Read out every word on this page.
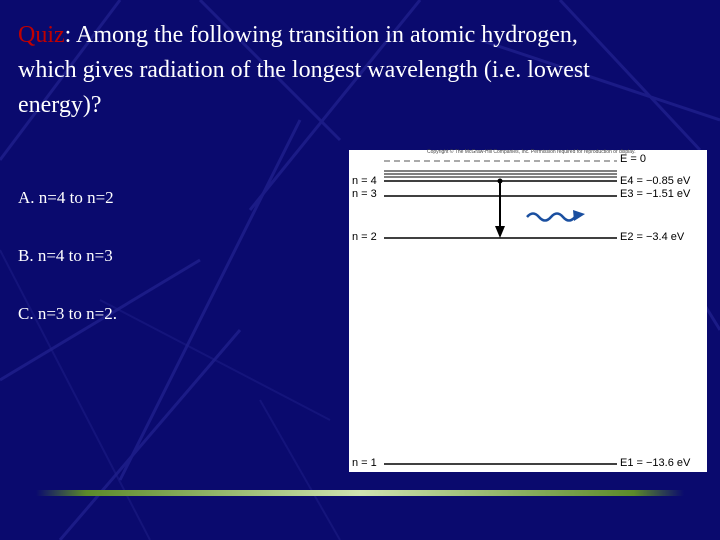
Quiz: Among the following transition in atomic hydrogen, which gives radiation of the longest wavelength (i.e. lowest energy)?
A. n=4 to n=2
B. n=4 to n=3
C. n=3 to n=2.
Copyright © The McGraw-Hill Companies, Inc. Permission required for reproduction or display.
E = 0
n = 4	E4 = −0.85 eV
n = 3	E3 = −1.51 eV
n = 2	E2 = −3.4 eV
n = 1	E1 = −13.6 eV
